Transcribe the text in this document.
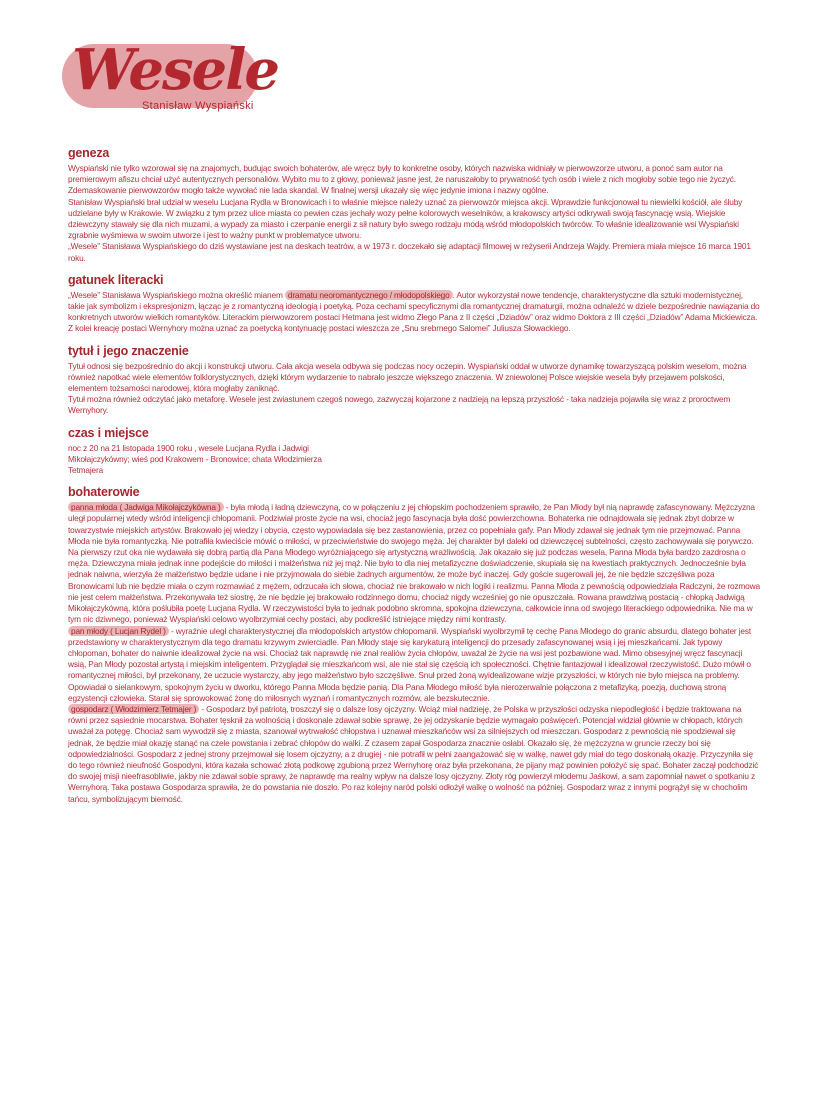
Wesele
Stanisław Wyspiański
geneza

Wyspiański nie tylko wzorował się na znajomych, budując swoich bohaterów, ale wręcz były to konkretne osoby, których nazwiska widniały w pierwowzorze utworu, a ponoć sam autor na premierowym afiszu chciał użyć autentycznych personaliów. Wybito mu to z głowy, ponieważ jasne jest, że naruszałoby to prywatność tych osób i wiele z nich mogłoby sobie tego nie życzyć. Zdemaskowanie pierwowzorów mogło także wywołać nie lada skandal. W finalnej wersji ukazały się więc jedynie imiona i nazwy ogólne.

Stanisław Wyspiański brał udział w weselu Lucjana Rydla w Bronowicach i to właśnie miejsce należy uznać za pierwowzór miejsca akcji. Wprawdzie funkcjonował tu niewielki kościół, ale śluby udzielane były w Krakowie. W związku z tym przez ulice miasta co pewien czas jechały wozy pełne kolorowych weselników, a krakowscy artyści odkrywali swoją fascynację wsią. Wiejskie dziewczyny stawały się dla nich muzami, a wypady za miasto i czerpanie energii z sił natury było swego rodzaju modą wśród młodopolskich twórców. To właśnie idealizowanie wsi Wyspiański zgrabnie wyśmiewa w swoim utworze i jest to ważny punkt w problematyce utworu.

„Wesele” Stanisława Wyspiańskiego do dziś wystawiane jest na deskach teatrów, a w 1973 r. doczekało się adaptacji filmowej w reżyserii Andrzeja Wajdy. Premiera miała miejsce 16 marca 1901 roku.

gatunek literacki

„Wesele” Stanisława Wyspiańskiego można określić mianem dramatu neoromantycznego / młodopolskiego . Autor wykorzystał nowe tendencje, charakterystyczne dla sztuki modernistycznej, takie jak symbolizm i ekspresjonizm, łącząc je z romantyczną ideologią i poetyką. Poza cechami specyficznymi dla romantycznej dramaturgii, można odnaleźć w dziele bezpośrednie nawiązania do konkretnych utworów wielkich romantyków. Literackim pierwowzorem postaci Hetmana jest widmo Złego Pana z II części „Dziadów” oraz widmo Doktora z III części „Dziadów” Adama Mickiewicza. Z kolei kreację postaci Wernyhory można uznać za poetycką kontynuację postaci wieszcza ze „Snu srebrnego Salomei” Juliusza Słowackiego.

tytuł i jego znaczenie

Tytuł odnosi się bezpośrednio do akcji i konstrukcji utworu. Cała akcja wesela odbywa się podczas nocy oczepin. Wyspiański oddał w utworze dynamikę towarzyszącą polskim weselom, można również napotkać wiele elementów folklorystycznych, dzięki którym wydarzenie to nabrało jeszcze większego znaczenia. W zniewolonej Polsce wiejskie wesela były przejawem polskości, elementem tożsamości narodowej, która mogłaby zaniknąć.

Tytuł można również odczytać jako metaforę. Wesele jest zwiastunem czegoś nowego, zazwyczaj kojarzone z nadzieją na lepszą przyszłość - taka nadzieja pojawiła się wraz z proroctwem Wernyhory.

czas i miejsce

noc z 20 na 21 listopada 1900 roku , wesele Lucjana Rydla i Jadwigi Mikołajczykówny; wieś pod Krakowem - Bronowice; chata Włodzimierza Tetmajera

bohaterowie

panna młoda ( Jadwiga Mikołajczykówna ) - była młodą i ładną dziewczyną, co w połączeniu z jej chłopskim pochodzeniem sprawiło, że Pan Młody był nią naprawdę zafascynowany. Mężczyzna uległ popularnej wtedy wśród inteligencji chłopomanii. Podziwiał proste życie na wsi, chociaż jego fascynacja była dość powierzchowna. Bohaterka nie odnajdowała się jednak zbyt dobrze w towarzystwie miejskich artystów. Brakowało jej wiedzy i obycia, często wypowiadała się bez zastanowienia, przez co popełniała gafy. Pan Młody zdawał się jednak tym nie przejmować. Panna Młoda nie była romantyczką. Nie potrafiła kwieciście mówić o miłości, w przeciwieństwie do swojego męża. Jej charakter był daleki od dziewczęcej subtelności, często zachowywała się porywczo. Na pierwszy rzut oka nie wydawała się dobrą partią dla Pana Młodego wyróżniającego się artystyczną wrażliwością. Jak okazało się już podczas wesela, Panna Młoda była bardzo zazdrosna o męża. Dziewczyna miała jednak inne podejście do miłości i małżeństwa niż jej mąż. Nie było to dla niej metafizyczne doświadczenie, skupiała się na kwestiach praktycznych. Jednocześnie była jednak naiwna, wierzyła że małżeństwo będzie udane i nie przyjmowała do siebie żadnych argumentów, że może być inaczej. Gdy goście sugerowali jej, że nie będzie szczęśliwa poza Bronowicami lub nie będzie miała o czym rozmawiać z mężem, odrzucała ich słowa, chociaż nie brakowało w nich logiki i realizmu. Panna Młoda z pewnością odpowiedziała Radczyni, że rozmowa nie jest celem małżeństwa. Przekonywała też siostrę, że nie będzie jej brakowało rodzinnego domu, chociaż nigdy wcześniej go nie opuszczała. Rowana prawdziwą postacią - chłopką Jadwigą Mikołajczykówną, która poślubiła poetę Lucjana Rydla. W rzeczywistości była to jednak podobno skromna, spokojna dziewczyna, całkowicie inna od swojego literackiego odpowiednika. Nie ma w tym nic dziwnego, ponieważ Wyspiański celowo wyolbrzymiał cechy postaci, aby podkreślić istniejące między nimi kontrasty.

pan młody ( Lucjan Rydel ) - wyraźnie uległ charakterystycznej dla młodopolskich artystów chłopomanii. Wyspiański wyolbrzymił tę cechę Pana Młodego do granic absurdu, dlatego bohater jest przedstawiony w charakterystycznym dla tego dramatu krzywym zwierciadle. Pan Młody staje się karykaturą inteligencji do przesady zafascynowanej wsią i jej mieszkańcami. Jak typowy chłopoman, bohater do naiwnie idealizował życie na wsi. Chociaż tak naprawdę nie znał realiów życia chłopów, uważał że życie na wsi jest pozbawione wad. Mimo obsesyjnej wręcz fascynacji wsią, Pan Młody pozostał artystą i miejskim inteligentem. Przyglądał się mieszkańcom wsi, ale nie stał się częścią ich społeczności. Chętnie fantazjował i idealizował rzeczywistość. Dużo mówił o romantycznej miłości, był przekonany, że uczucie wystarczy, aby jego małżeństwo było szczęśliwe. Snuł przed żoną wyidealizowane wizje przyszłości, w których nie było miejsca na problemy. Opowiadał o sielankowym, spokojnym życiu w dworku, którego Panna Młoda będzie panią. Dla Pana Młodego miłość była nierozerwalnie połączona z metafizyką, poezją, duchową stroną egzystencji człowieka. Starał się sprowokować żonę do miłosnych wyznań i romantycznych rozmów, ale bezskutecznie.

gospodarz ( Włodzimierz Tetmajer ) - Gospodarz był patriotą, troszczył się o dalsze losy ojczyzny. Wciąż miał nadzieję, że Polska w przyszłości odzyska niepodległość i będzie traktowana na równi przez sąsiednie mocarstwa. Bohater tęsknił za wolnością i doskonale zdawał sobie sprawę, że jej odzyskanie będzie wymagało poświęceń. Potencjał widział głównie w chłopach, których uważał za potęgę. Chociaż sam wywodził się z miasta, szanował wytrwałość chłopstwa i uznawał mieszkańców wsi za silniejszych od mieszczan. Gospodarz z pewnością nie spodziewał się jednak, że będzie miał okazję stanąć na czele powstania i zebrać chłopów do walki. Z czasem zapał Gospodarza znacznie osłabł. Okazało się, że mężczyzna w gruncie rzeczy boi się odpowiedzialności. Gospodarz z jednej strony przejmował się losem ojczyzny, a z drugiej - nie potrafił w pełni zaangażować się w walkę, nawet gdy miał do tego doskonałą okazję. Przyczyniła się do tego również nieufność Gospodyni, która kazała schować złotą podkowę zgubioną przez Wernyhorę oraz była przekonana, że pijany mąż powinien położyć się spać. Bohater zaczął podchodzić do swojej misji nieefrasobliwie, jakby nie zdawał sobie sprawy, że naprawdę ma realny wpływ na dalsze losy ojczyzny. Złoty róg powierzył młodemu Jaśkowi, a sam zapomniał nawet o spotkaniu z Wernyhorą. Taka postawa Gospodarza sprawiła, że do powstania nie doszło. Po raz kolejny naród polski odłożył walkę o wolność na później. Gospodarz wraz z innymi pogrążył się w chocholim tańcu, symbolizującym bierność.
